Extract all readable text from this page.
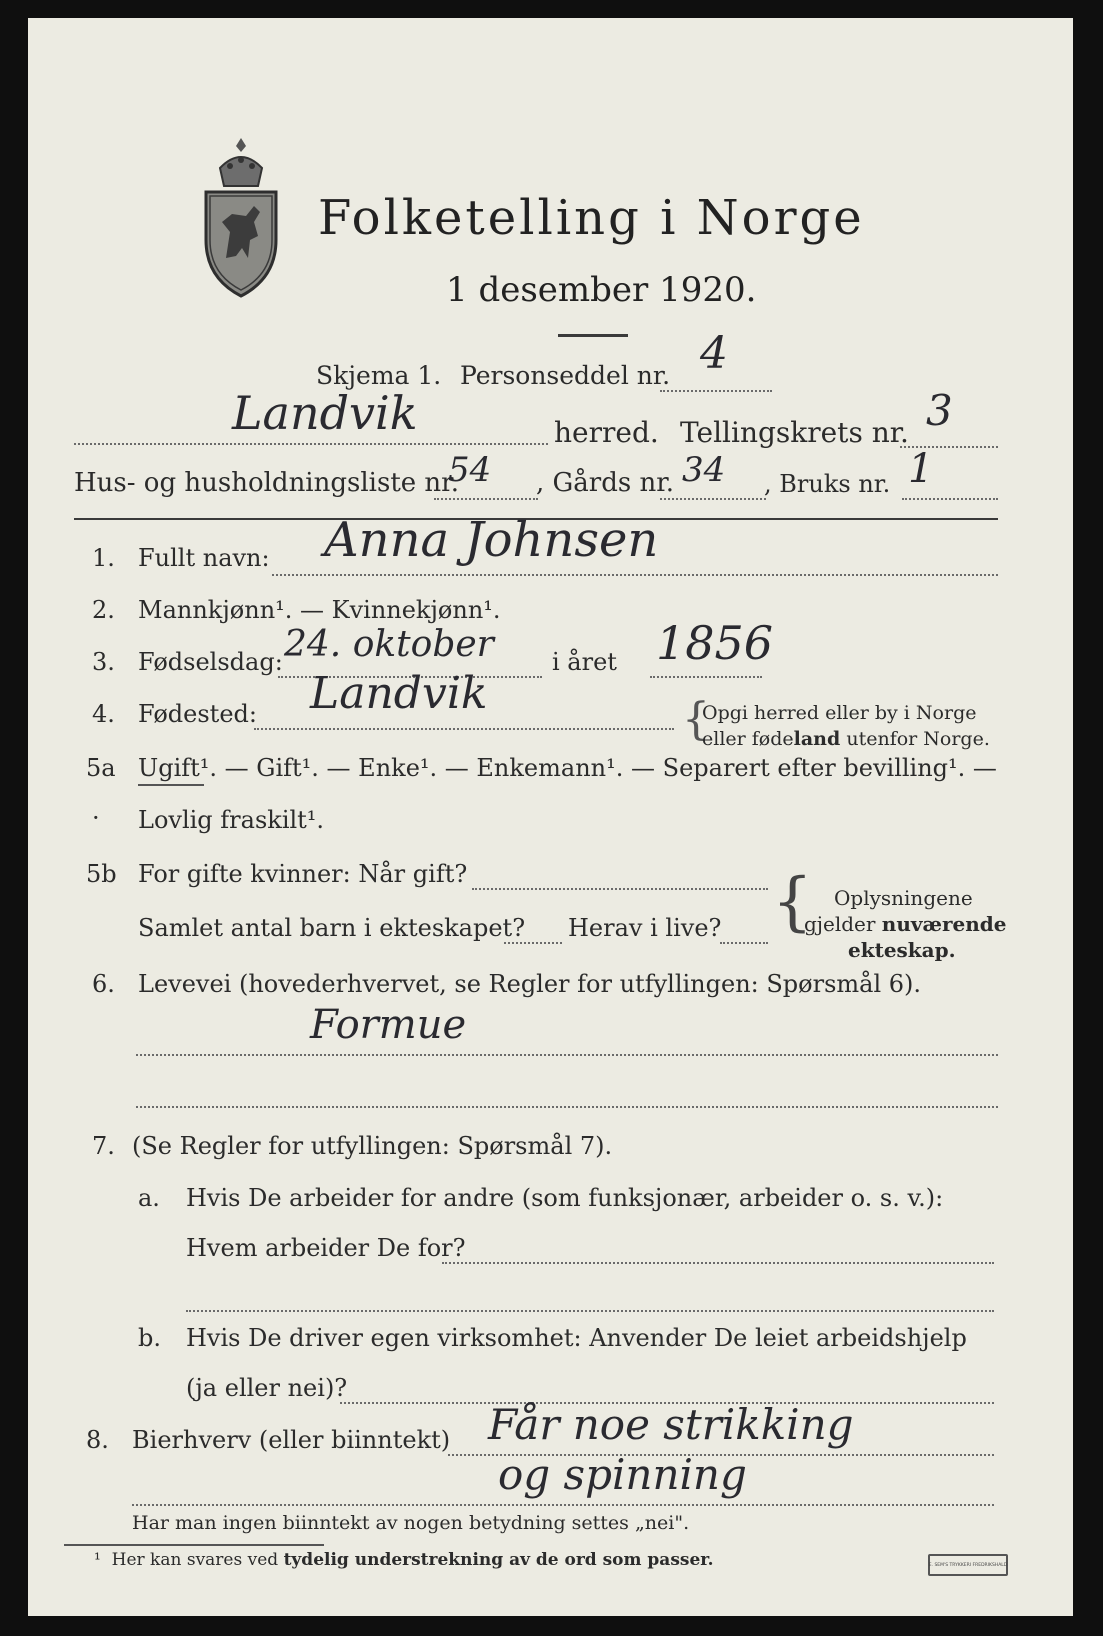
Folketelling i Norge
1 desember 1920.
Skjema 1. Personseddel nr. 4
Landvik	herred. Tellingskrets nr. 3
Hus- og husholdningsliste nr.
54 , Gårds nr. 34 , Bruks nr. 1
1. Fullt navn: Anna Johnsen
2. Mannkjønn¹. — Kvinnekjønn¹.
3. Fødselsdag: 24. oktober i året 1856
4. Fødested: Landvik
{
Opgi herred eller by i Norge
eller fødeland utenfor Norge.
5a Ugift¹. — Gift¹. — Enke¹. — Enkemann¹. — Separert efter bevilling¹. —
· Lovlig fraskilt¹.
5b For gifte kvinner: Når gift?
Samlet antal barn i ekteskapet? Herav i live? { Oplysningene
gjelder nuværende
ekteskap.
6. Levevei (hovederhvervet, se Regler for utfyllingen: Spørsmål 6).
Formue
7. (Se Regler for utfyllingen: Spørsmål 7).
a. Hvis De arbeider for andre (som funksjonær, arbeider o. s. v.):
Hvem arbeider De for?
b. Hvis De driver egen virksomhet: Anvender De leiet arbeidshjelp
(ja eller nei)?
8. Bierhverv (eller biinntekt) Får noe strikking
og spinning
Har man ingen biinntekt av nogen betydning settes „nei".
¹ Her kan svares ved tydelig understrekning av de ord som passer.	E. SEM'S TRYKKERI FREDRIKSHALD
